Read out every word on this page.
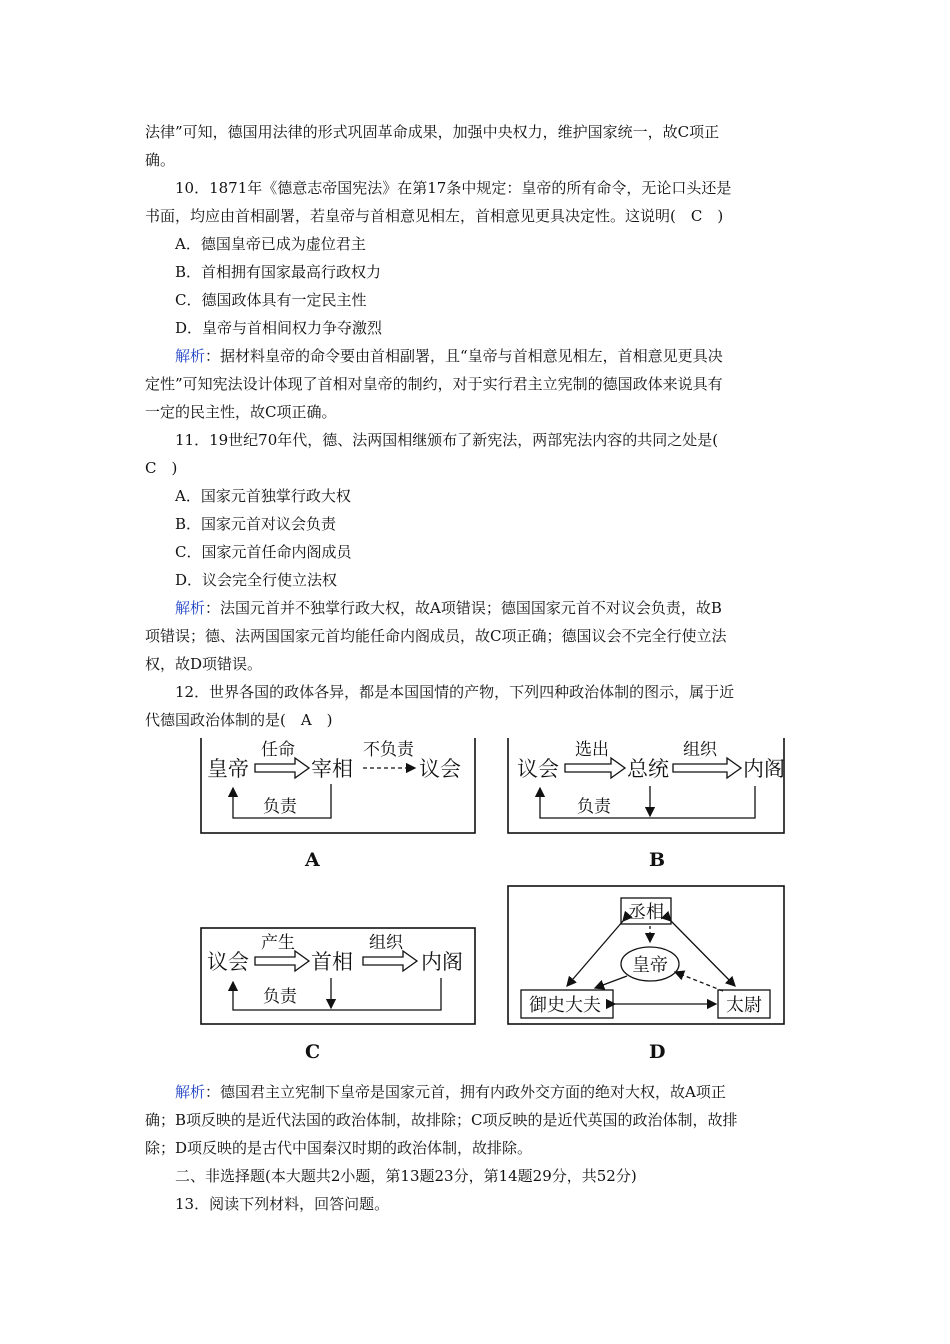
法律”可知，德国用法律的形式巩固革命成果，加强中央权力，维护国家统一，故C项正

确。

10．1871年《德意志帝国宪法》在第17条中规定：皇帝的所有命令，无论口头还是

书面，均应由首相副署，若皇帝与首相意见相左，首相意见更具决定性。这说明(　C　)

A．德国皇帝已成为虚位君主

B．首相拥有国家最高行政权力

C．德国政体具有一定民主性

D．皇帝与首相间权力争夺激烈

解析：据材料皇帝的命令要由首相副署，且“皇帝与首相意见相左，首相意见更具决

定性”可知宪法设计体现了首相对皇帝的制约，对于实行君主立宪制的德国政体来说具有

一定的民主性，故C项正确。

11．19世纪70年代，德、法两国相继颁布了新宪法，两部宪法内容的共同之处是(

C　)

A．国家元首独掌行政大权

B．国家元首对议会负责

C．国家元首任命内阁成员

D．议会完全行使立法权

解析：法国元首并不独掌行政大权，故A项错误；德国国家元首不对议会负责，故B

项错误；德、法两国国家元首均能任命内阁成员，故C项正确；德国议会不完全行使立法

权，故D项错误。

12．世界各国的政体各异，都是本国国情的产物，下列四种政治体制的图示，属于近

代德国政治体制的是(　A　)

皇帝	宰相	议会
任命	不负责
负责
A
议会	总统	内阁
选出	组织
负责
B
议会	首相	内阁
产生	组织
负责
C
丞相
皇帝
御史大夫	太尉
D

解析：德国君主立宪制下皇帝是国家元首，拥有内政外交方面的绝对大权，故A项正

确；B项反映的是近代法国的政治体制，故排除；C项反映的是近代英国的政治体制，故排

除；D项反映的是古代中国秦汉时期的政治体制，故排除。

二、非选择题(本大题共2小题，第13题23分，第14题29分，共52分)

13．阅读下列材料，回答问题。
